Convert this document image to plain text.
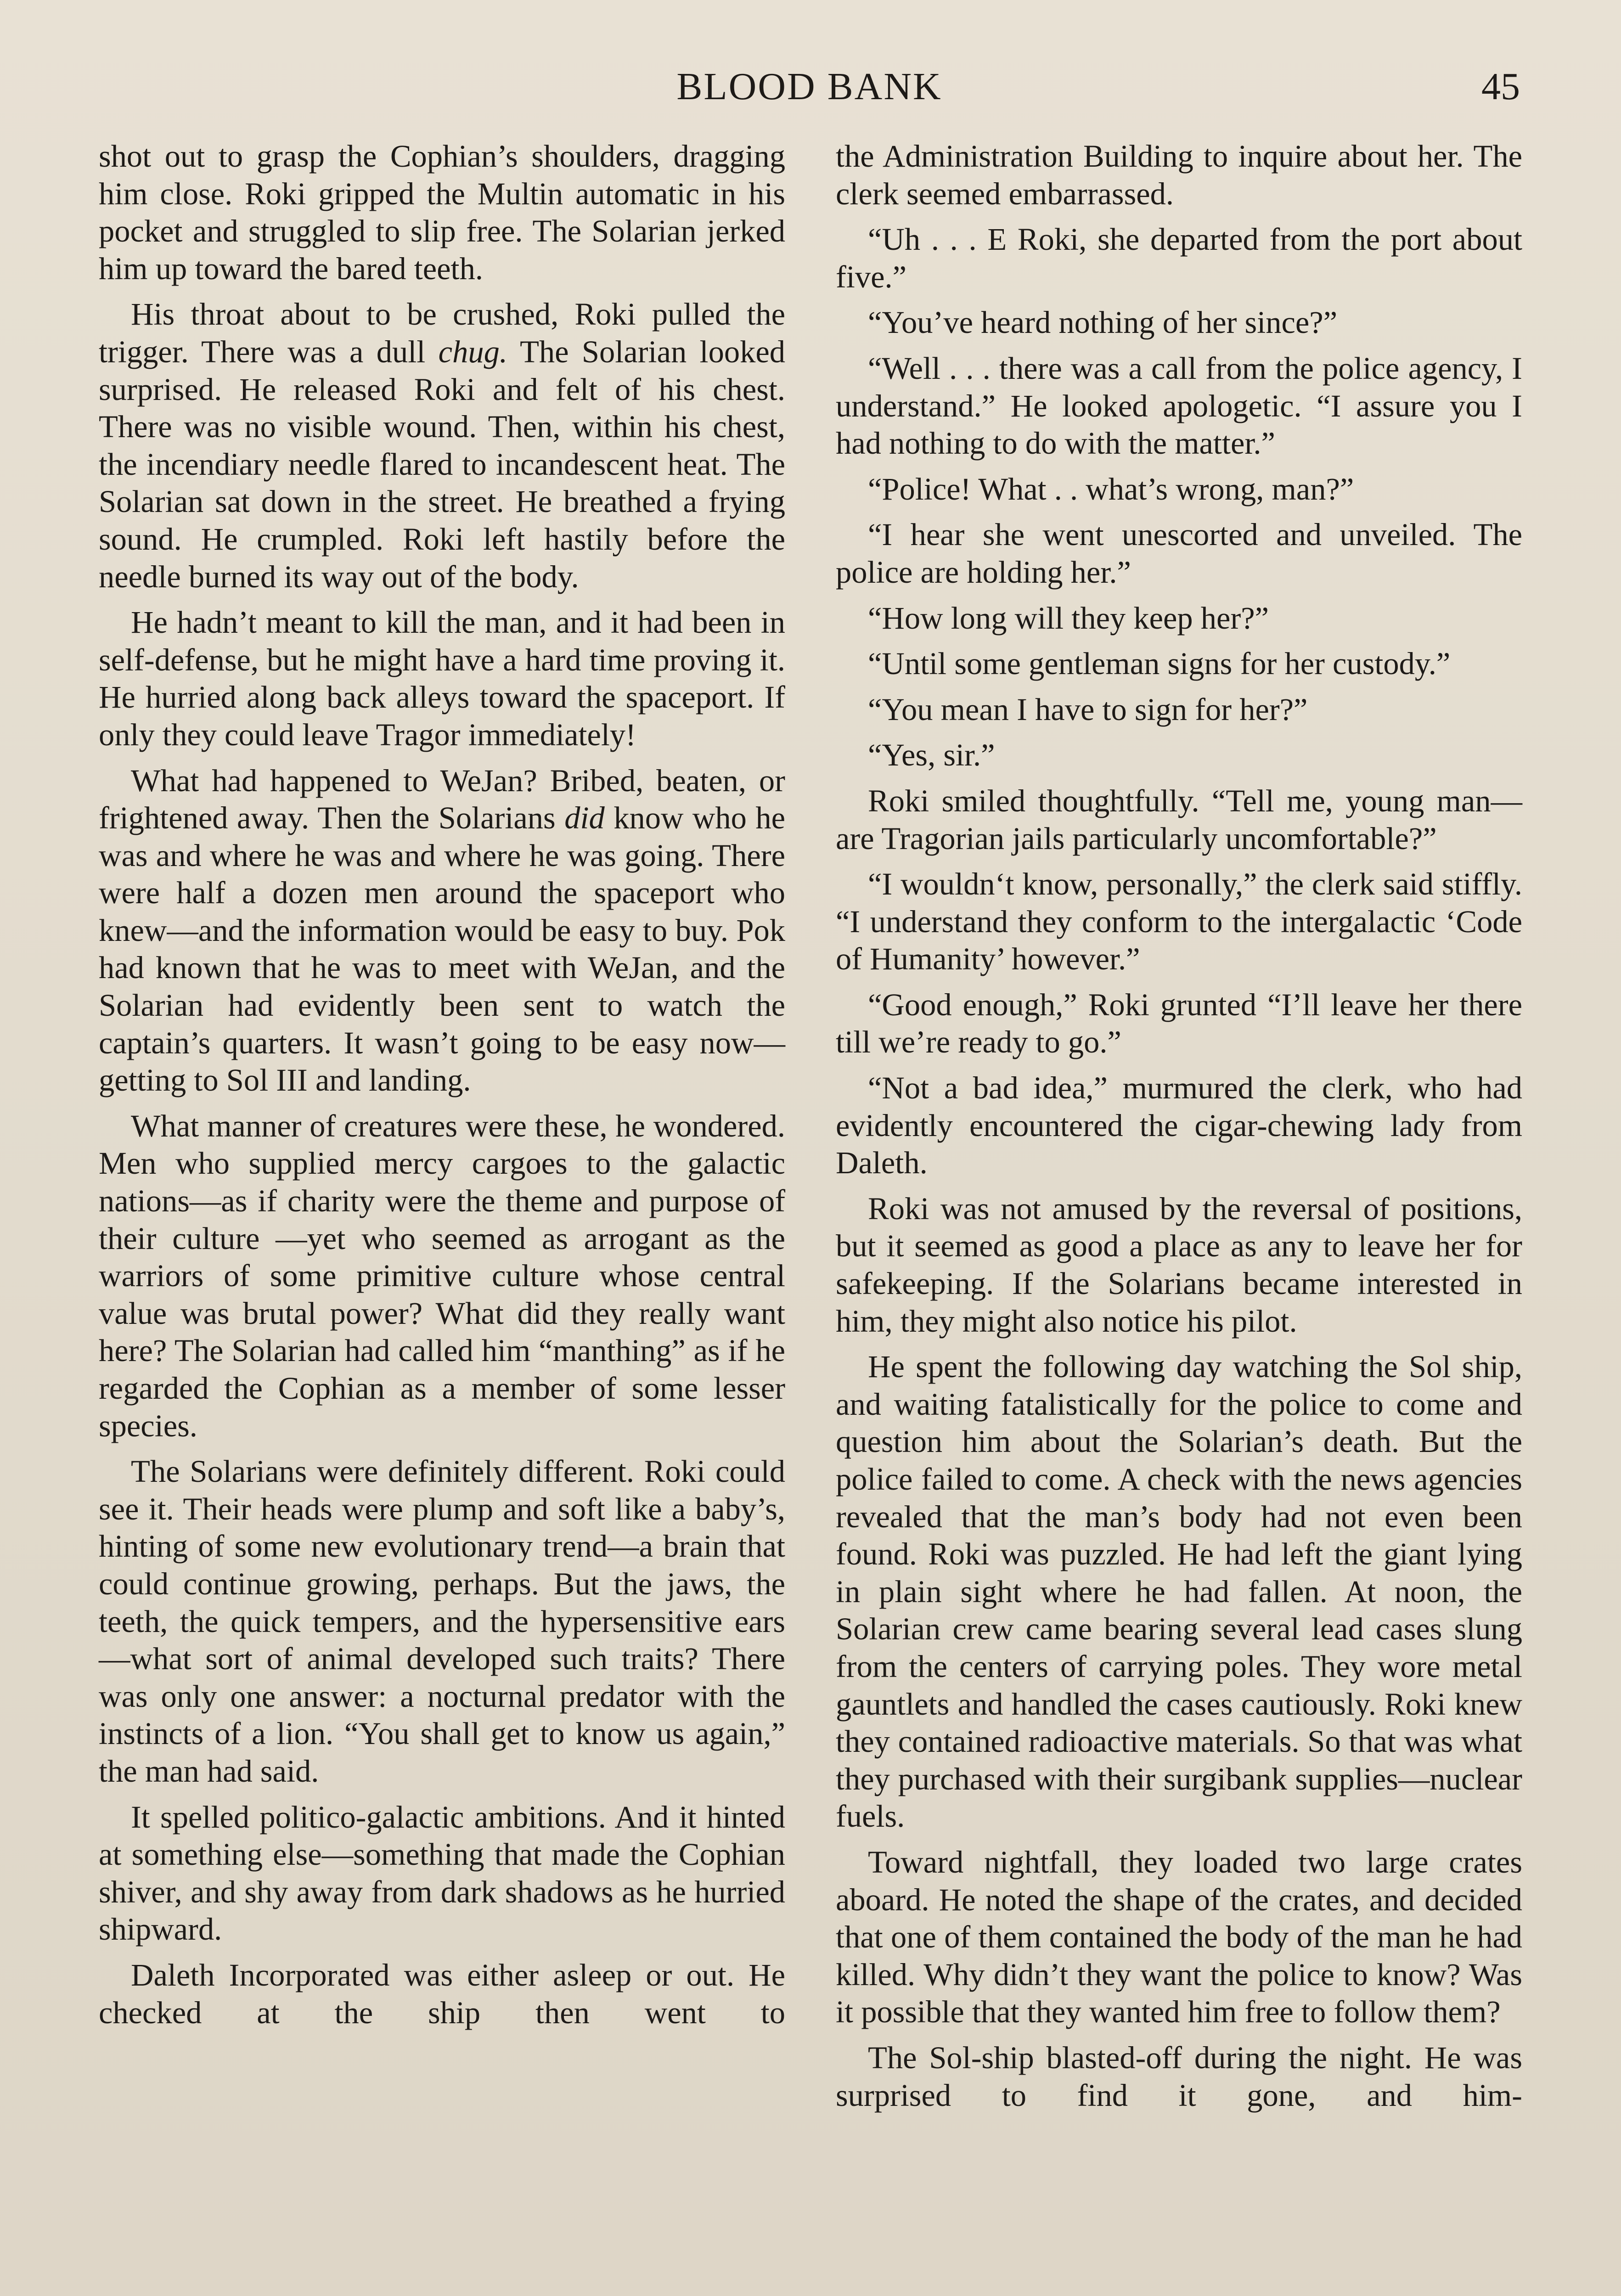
BLOOD BANK	45

shot out to grasp the Cophian’s shoulders, dragging him close. Roki gripped the Multin automatic in his pocket and struggled to slip free. The Solarian jerked him up toward the bared teeth.

His throat about to be crushed, Roki pulled the trigger. There was a dull chug. The Solarian looked surprised. He released Roki and felt of his chest. There was no visible wound. Then, within his chest, the incendiary needle flared to incandescent heat. The Solarian sat down in the street. He breathed a frying sound. He crumpled. Roki left hastily before the needle burned its way out of the body.

He hadn’t meant to kill the man, and it had been in self-defense, but he might have a hard time proving it. He hurried along back alleys toward the spaceport. If only they could leave Tragor immediately!

What had happened to WeJan? Bribed, beaten, or frightened away. Then the Solarians did know who he was and where he was and where he was going. There were half a dozen men around the spaceport who knew—and the information would be easy to buy. Pok had known that he was to meet with WeJan, and the Solarian had evidently been sent to watch the captain’s quarters. It wasn’t going to be easy now—getting to Sol III and landing.

What manner of creatures were these, he wondered. Men who supplied mercy cargoes to the galactic nations—as if charity were the theme and purpose of their culture —yet who seemed as arrogant as the warriors of some primitive culture whose central value was brutal power? What did they really want here? The Solarian had called him “manthing” as if he regarded the Cophian as a member of some lesser species.

The Solarians were definitely different. Roki could see it. Their heads were plump and soft like a baby’s, hinting of some new evolutionary trend—a brain that could continue growing, perhaps. But the jaws, the teeth, the quick tempers, and the hypersensitive ears—what sort of animal developed such traits? There was only one answer: a nocturnal predator with the instincts of a lion. “You shall get to know us again,” the man had said.

It spelled politico-galactic ambitions. And it hinted at something else—something that made the Cophian shiver, and shy away from dark shadows as he hurried shipward.

Daleth Incorporated was either asleep or out. He checked at the ship then went to

the Administration Building to inquire about her. The clerk seemed embarrassed.

“Uh . . . E Roki, she departed from the port about five.”

“You’ve heard nothing of her since?”

“Well . . . there was a call from the police agency, I understand.” He looked apologetic. “I assure you I had nothing to do with the matter.”

“Police! What . . what’s wrong, man?”

“I hear she went unescorted and unveiled. The police are holding her.”

“How long will they keep her?”

“Until some gentleman signs for her custody.”

“You mean I have to sign for her?”

“Yes, sir.”

Roki smiled thoughtfully. “Tell me, young man—are Tragorian jails particularly uncomfortable?”

“I wouldn‘t know, personally,” the clerk said stiffly. “I understand they conform to the intergalactic ‘Code of Humanity’ however.”

“Good enough,” Roki grunted “I’ll leave her there till we’re ready to go.”

“Not a bad idea,” murmured the clerk, who had evidently encountered the cigar-chewing lady from Daleth.

Roki was not amused by the reversal of positions, but it seemed as good a place as any to leave her for safekeeping. If the Solarians became interested in him, they might also notice his pilot.

He spent the following day watching the Sol ship, and waiting fatalistically for the police to come and question him about the Solarian’s death. But the police failed to come. A check with the news agencies revealed that the man’s body had not even been found. Roki was puzzled. He had left the giant lying in plain sight where he had fallen. At noon, the Solarian crew came bearing several lead cases slung from the centers of carrying poles. They wore metal gauntlets and handled the cases cautiously. Roki knew they contained radioactive materials. So that was what they purchased with their surgibank supplies—nuclear fuels.

Toward nightfall, they loaded two large crates aboard. He noted the shape of the crates, and decided that one of them contained the body of the man he had killed. Why didn’t they want the police to know? Was it possible that they wanted him free to follow them?

The Sol-ship blasted-off during the night. He was surprised to find it gone, and him-
